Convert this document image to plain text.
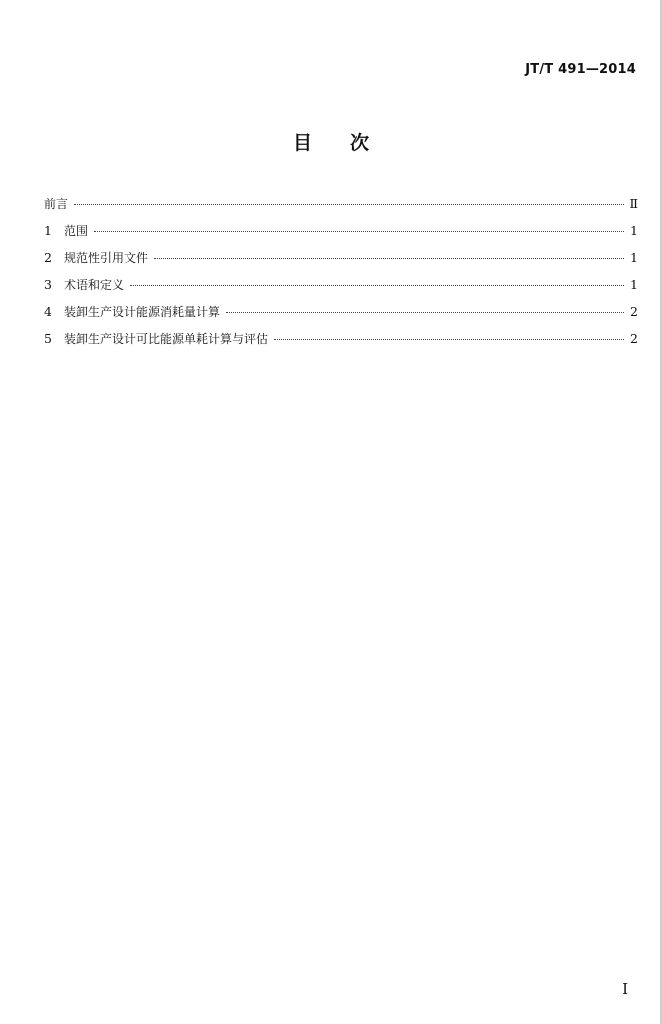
JT/T 491—2014
目 次
前言	Ⅱ
1	范围	1
2	规范性引用文件	1
3	术语和定义	1
4	装卸生产设计能源消耗量计算	2
5	装卸生产设计可比能源单耗计算与评估	2
I
